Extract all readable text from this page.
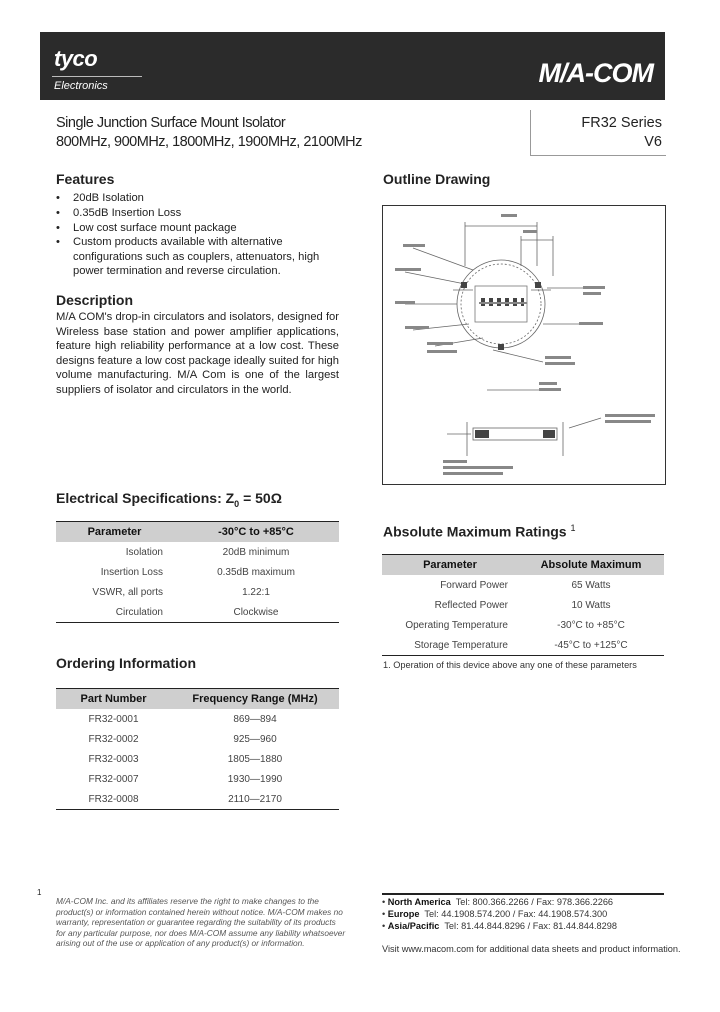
tyco
Electronics	M/A-COM
Single Junction Surface Mount Isolator
800MHz, 900MHz, 1800MHz, 1900MHz, 2100MHz
FR32 Series
V6
Features
•	20dB Isolation
•	0.35dB Insertion Loss
•	Low cost surface mount package
•	Custom products available with alternative configurations such as couplers, attenuators, high power termination and reverse circulation.
Description
M/A COM's drop-in circulators and isolators, designed for Wireless base station and power amplifier applications, feature high reliability performance at a low cost. These designs feature a low cost package ideally suited for high volume manufacturing. M/A Com is one of the largest suppliers of isolator and circulators in the world.
Outline Drawing
Electrical Specifications: $Z_0 = 50\Omega$
Parameter	-30°C to +85°C
Isolation	20dB minimum
Insertion Loss	0.35dB maximum
VSWR, all ports	1.22:1
Circulation	Clockwise
Ordering Information
Part Number	Frequency Range (MHz)
FR32-0001	869—894
FR32-0002	925—960
FR32-0003	1805—1880
FR32-0007	1930—1990
FR32-0008	2110—2170
Absolute Maximum Ratings $^1$
Parameter	Absolute Maximum
Forward Power	65 Watts
Reflected Power	10 Watts
Operating Temperature	-30°C to +85°C
Storage Temperature	-45°C to +125°C
1. Operation of this device above any one of these parameters
1
M/A-COM Inc. and its affiliates reserve the right to make changes to the product(s) or information contained herein without notice. M/A-COM makes no warranty, representation or guarantee regarding the suitability of its products for any particular purpose, nor does M/A-COM assume any liability whatsoever arising out of the use or application of any product(s) or information.
• North America Tel: 800.366.2266 / Fax: 978.366.2266
• Europe Tel: 44.1908.574.200 / Fax: 44.1908.574.300
• Asia/Pacific Tel: 81.44.844.8296 / Fax: 81.44.844.8298
Visit www.macom.com for additional data sheets and product information.
